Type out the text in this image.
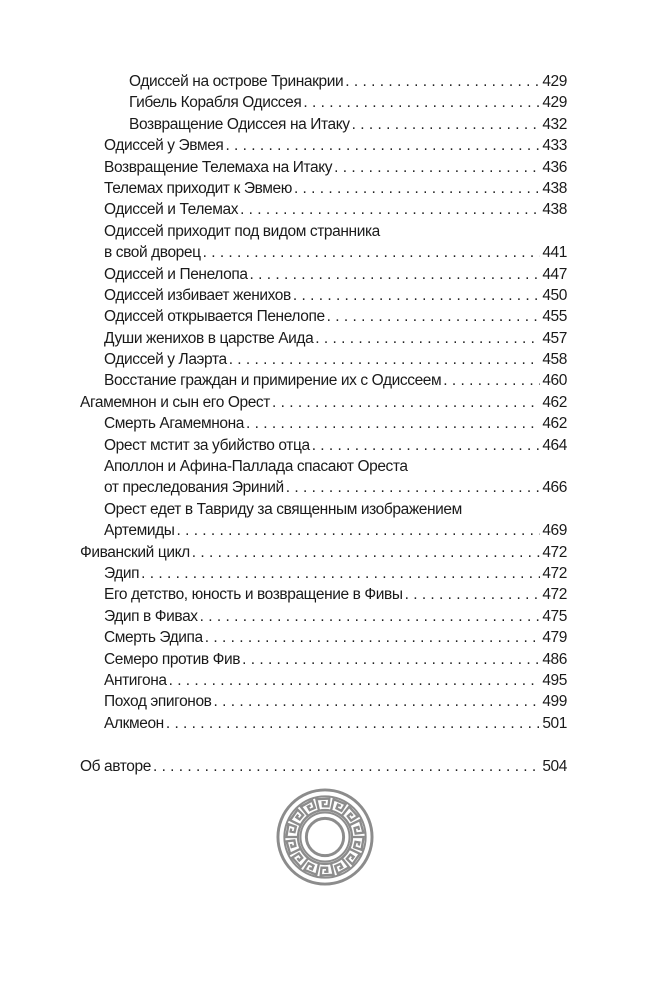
Одиссей на острове Тринакрии . . .	429
Гибель Корабля Одиссея . . .	429
Возвращение Одиссея на Итаку . . .	432
Одиссей у Эвмея . . .	433
Возвращение Телемаха на Итаку . . .	436
Телемах приходит к Эвмею . . .	438
Одиссей и Телемах . . .	438
Одиссей приходит под видом странника
в свой дворец . . .	441
Одиссей и Пенелопа . . .	447
Одиссей избивает женихов . . .	450
Одиссей открывается Пенелопе . . .	455
Души женихов в царстве Аида . . .	457
Одиссей у Лаэрта . . .	458
Восстание граждан и примирение их с Одиссеем . . .	460
Агамемнон и сын его Орест . . .	462
Смерть Агамемнона . . .	462
Орест мстит за убийство отца . . .	464
Аполлон и Афина-Паллада спасают Ореста
от преследования Эриний . . .	466
Орест едет в Тавриду за священным изображением
Артемиды . . .	469
Фиванский цикл . . .	472
Эдип . . .	472
Его детство, юность и возвращение в Фивы . . .	472
Эдип в Фивах . . .	475
Смерть Эдипа . . .	479
Семеро против Фив . . .	486
Антигона . . .	495
Поход эпигонов . . .	499
Алкмеон . . .	501
Об авторе . . .	504
